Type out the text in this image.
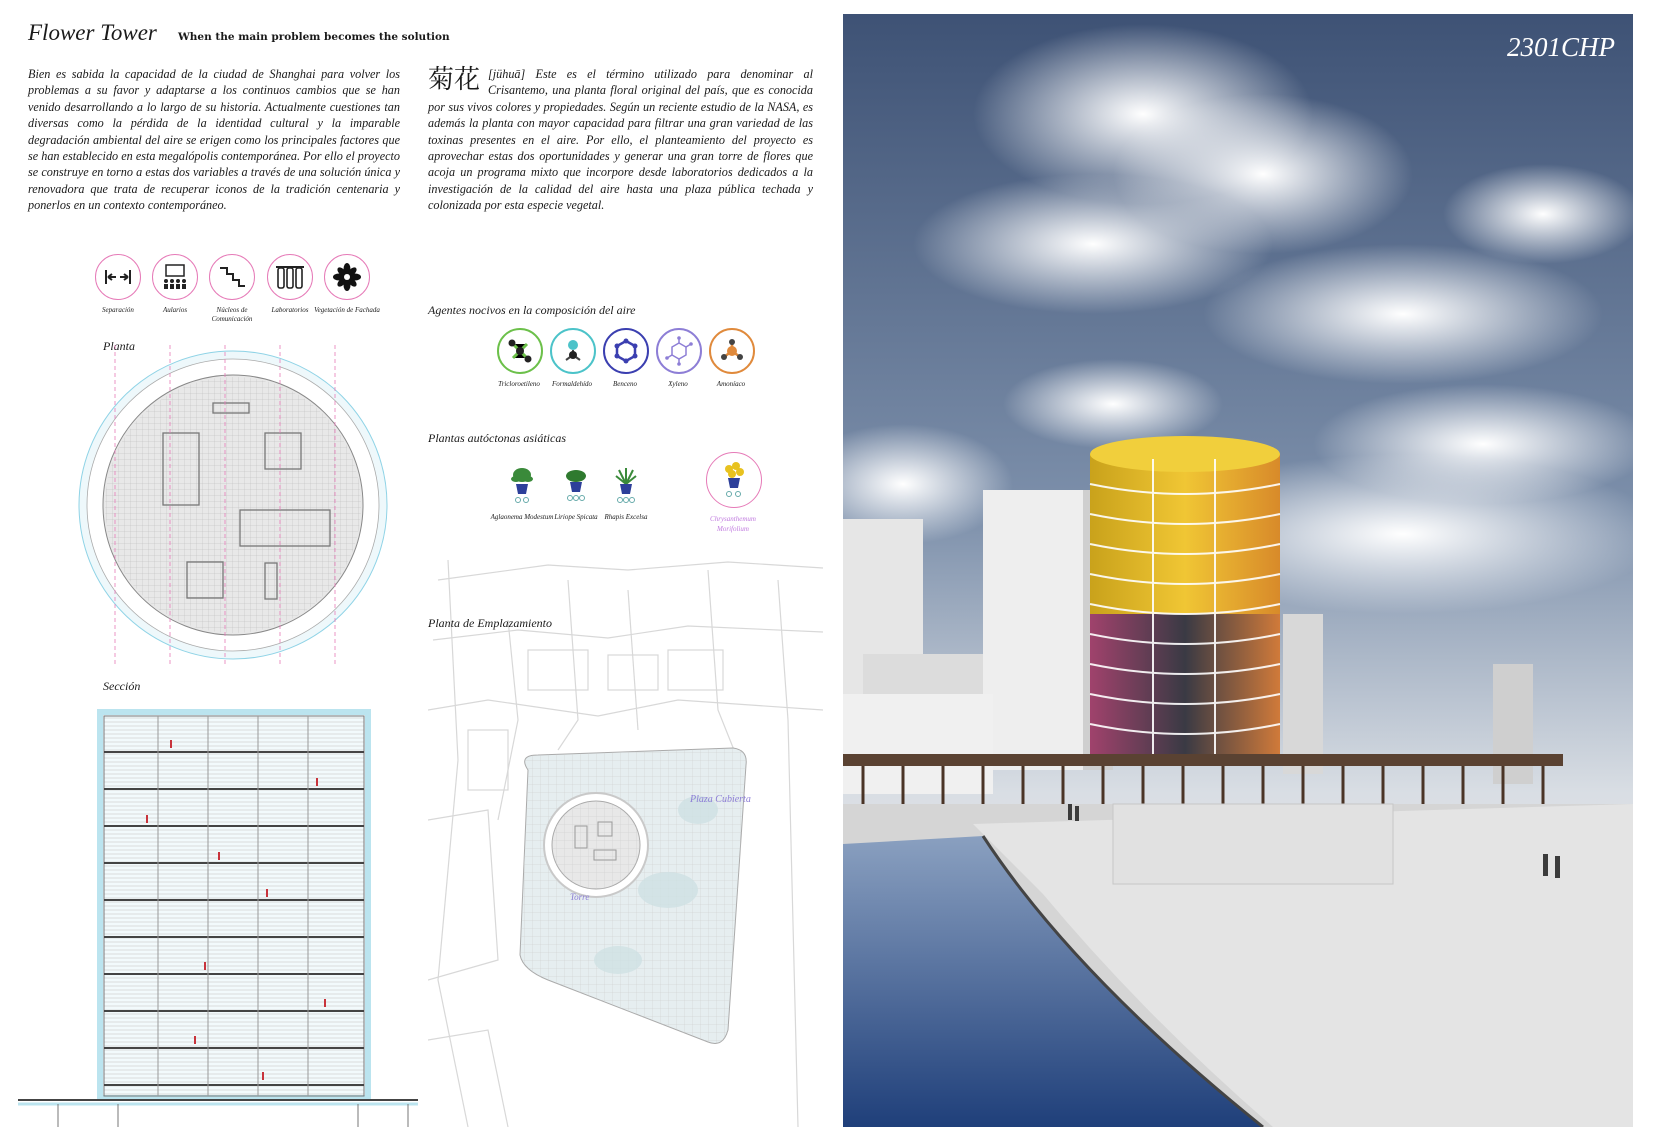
Flower Tower When the main problem becomes the solution
Bien es sabida la capacidad de la ciudad de Shanghai para volver los problemas a su favor y adaptarse a los continuos cambios que se han venido desarrollando a lo largo de su historia. Actualmente cuestiones tan diversas como la pérdida de la identidad cultural y la imparable degradación ambiental del aire se erigen como los principales factores que se han establecido en esta megalópolis contemporánea. Por ello el proyecto se construye en torno a estas dos variables a través de una solución única y renovadora que trata de recuperar iconos de la tradición centenaria y ponerlos en un contexto contemporáneo.
菊花 [jühuā] Este es el término utilizado para denominar al Crisantemo, una planta floral original del país, que es conocida por sus vivos colores y propiedades. Según un reciente estudio de la NASA, es además la planta con mayor capacidad para filtrar una gran variedad de las toxinas presentes en el aire. Por ello, el planteamiento del proyecto es aprovechar estas dos oportunidades y generar una gran torre de flores que acoja un programa mixto que incorpore desde laboratorios dedicados a la investigación de la calidad del aire hasta una plaza pública techada y colonizada por esta especie vegetal.
Separación	Aularios	Núcleos de Comunicación
Laboratorios Vegetación de Fachada
Planta
Sección
Agentes nocivos en la composición del aire
Tricloroetileno	Formaldehído	Benceno	Xyleno	Amoníaco
Plantas autóctonas asiáticas
Aglaonema Modestum Liriope Spicata Rhapis Excelsa	Chrysanthemum Morifolium
Plaza Cubierta
Torre
Planta de Emplazamiento
2301CHP
